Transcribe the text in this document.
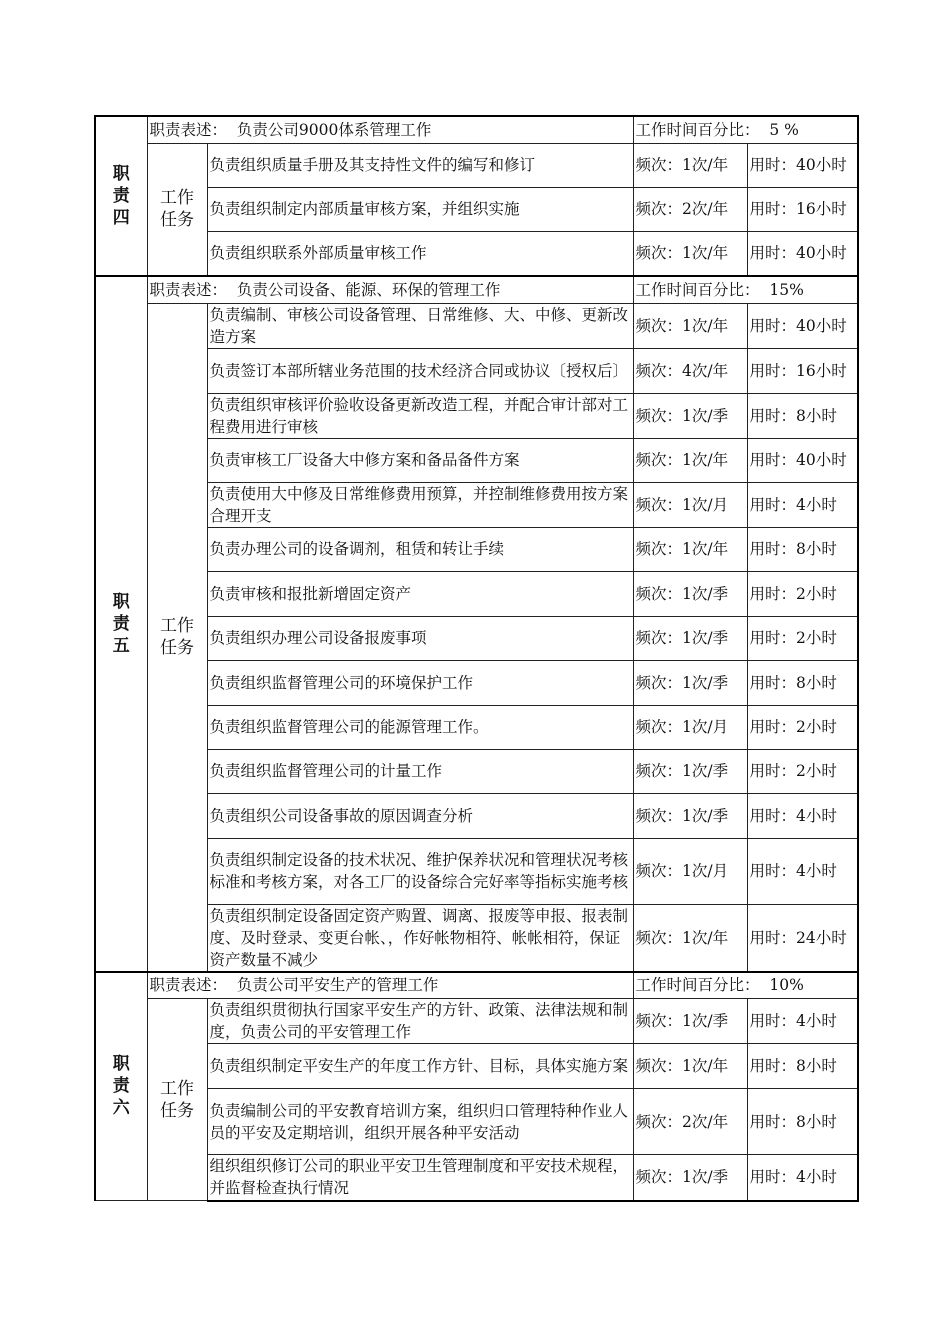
职责四	职责表述： 负责公司9000体系管理工作		工作时间百分比： 5 %	
	工作任务	负责组织质量手册及其支持性文件的编写和修订	频次：1次/年	用时：40小时
		负责组织制定内部质量审核方案，并组织实施	频次：2次/年	用时：16小时
		负责组织联系外部质量审核工作	频次：1次/年	用时：40小时
职责五	职责表述： 负责公司设备、能源、环保的管理工作		工作时间百分比： 15%	
	工作任务	负责编制、审核公司设备管理、日常维修、大、中修、更新改造方案	频次：1次/年	用时：40小时
		负责签订本部所辖业务范围的技术经济合同或协议〔授权后〕	频次：4次/年	用时：16小时
		负责组织审核评价验收设备更新改造工程，并配合审计部对工程费用进行审核	频次：1次/季	用时：8小时
		负责审核工厂设备大中修方案和备品备件方案	频次：1次/年	用时：40小时
		负责使用大中修及日常维修费用预算，并控制维修费用按方案合理开支	频次：1次/月	用时：4小时
		负责办理公司的设备调剂，租赁和转让手续	频次：1次/年	用时：8小时
		负责审核和报批新增固定资产	频次：1次/季	用时：2小时
		负责组织办理公司设备报废事项	频次：1次/季	用时：2小时
		负责组织监督管理公司的环境保护工作	频次：1次/季	用时：8小时
		负责组织监督管理公司的能源管理工作。	频次：1次/月	用时：2小时
		负责组织监督管理公司的计量工作	频次：1次/季	用时：2小时
		负责组织公司设备事故的原因调查分析	频次：1次/季	用时：4小时
		负责组织制定设备的技术状况、维护保养状况和管理状况考核标准和考核方案，对各工厂的设备综合完好率等指标实施考核	频次：1次/月	用时：4小时
		负责组织制定设备固定资产购置、调离、报废等申报、报表制度、及时登录、变更台帐、，作好帐物相符、帐帐相符，保证资产数量不减少	频次：1次/年	用时：24小时
职责六	职责表述： 负责公司平安生产的管理工作		工作时间百分比： 10%	
	工作任务	负责组织贯彻执行国家平安生产的方针、政策、法律法规和制度，负责公司的平安管理工作	频次：1次/季	用时：4小时
		负责组织制定平安生产的年度工作方针、目标，具体实施方案	频次：1次/年	用时：8小时
		负责编制公司的平安教育培训方案，组织归口管理特种作业人员的平安及定期培训，组织开展各种平安活动	频次：2次/年	用时：8小时
		组织组织修订公司的职业平安卫生管理制度和平安技术规程，并监督检查执行情况	频次：1次/季	用时：4小时
